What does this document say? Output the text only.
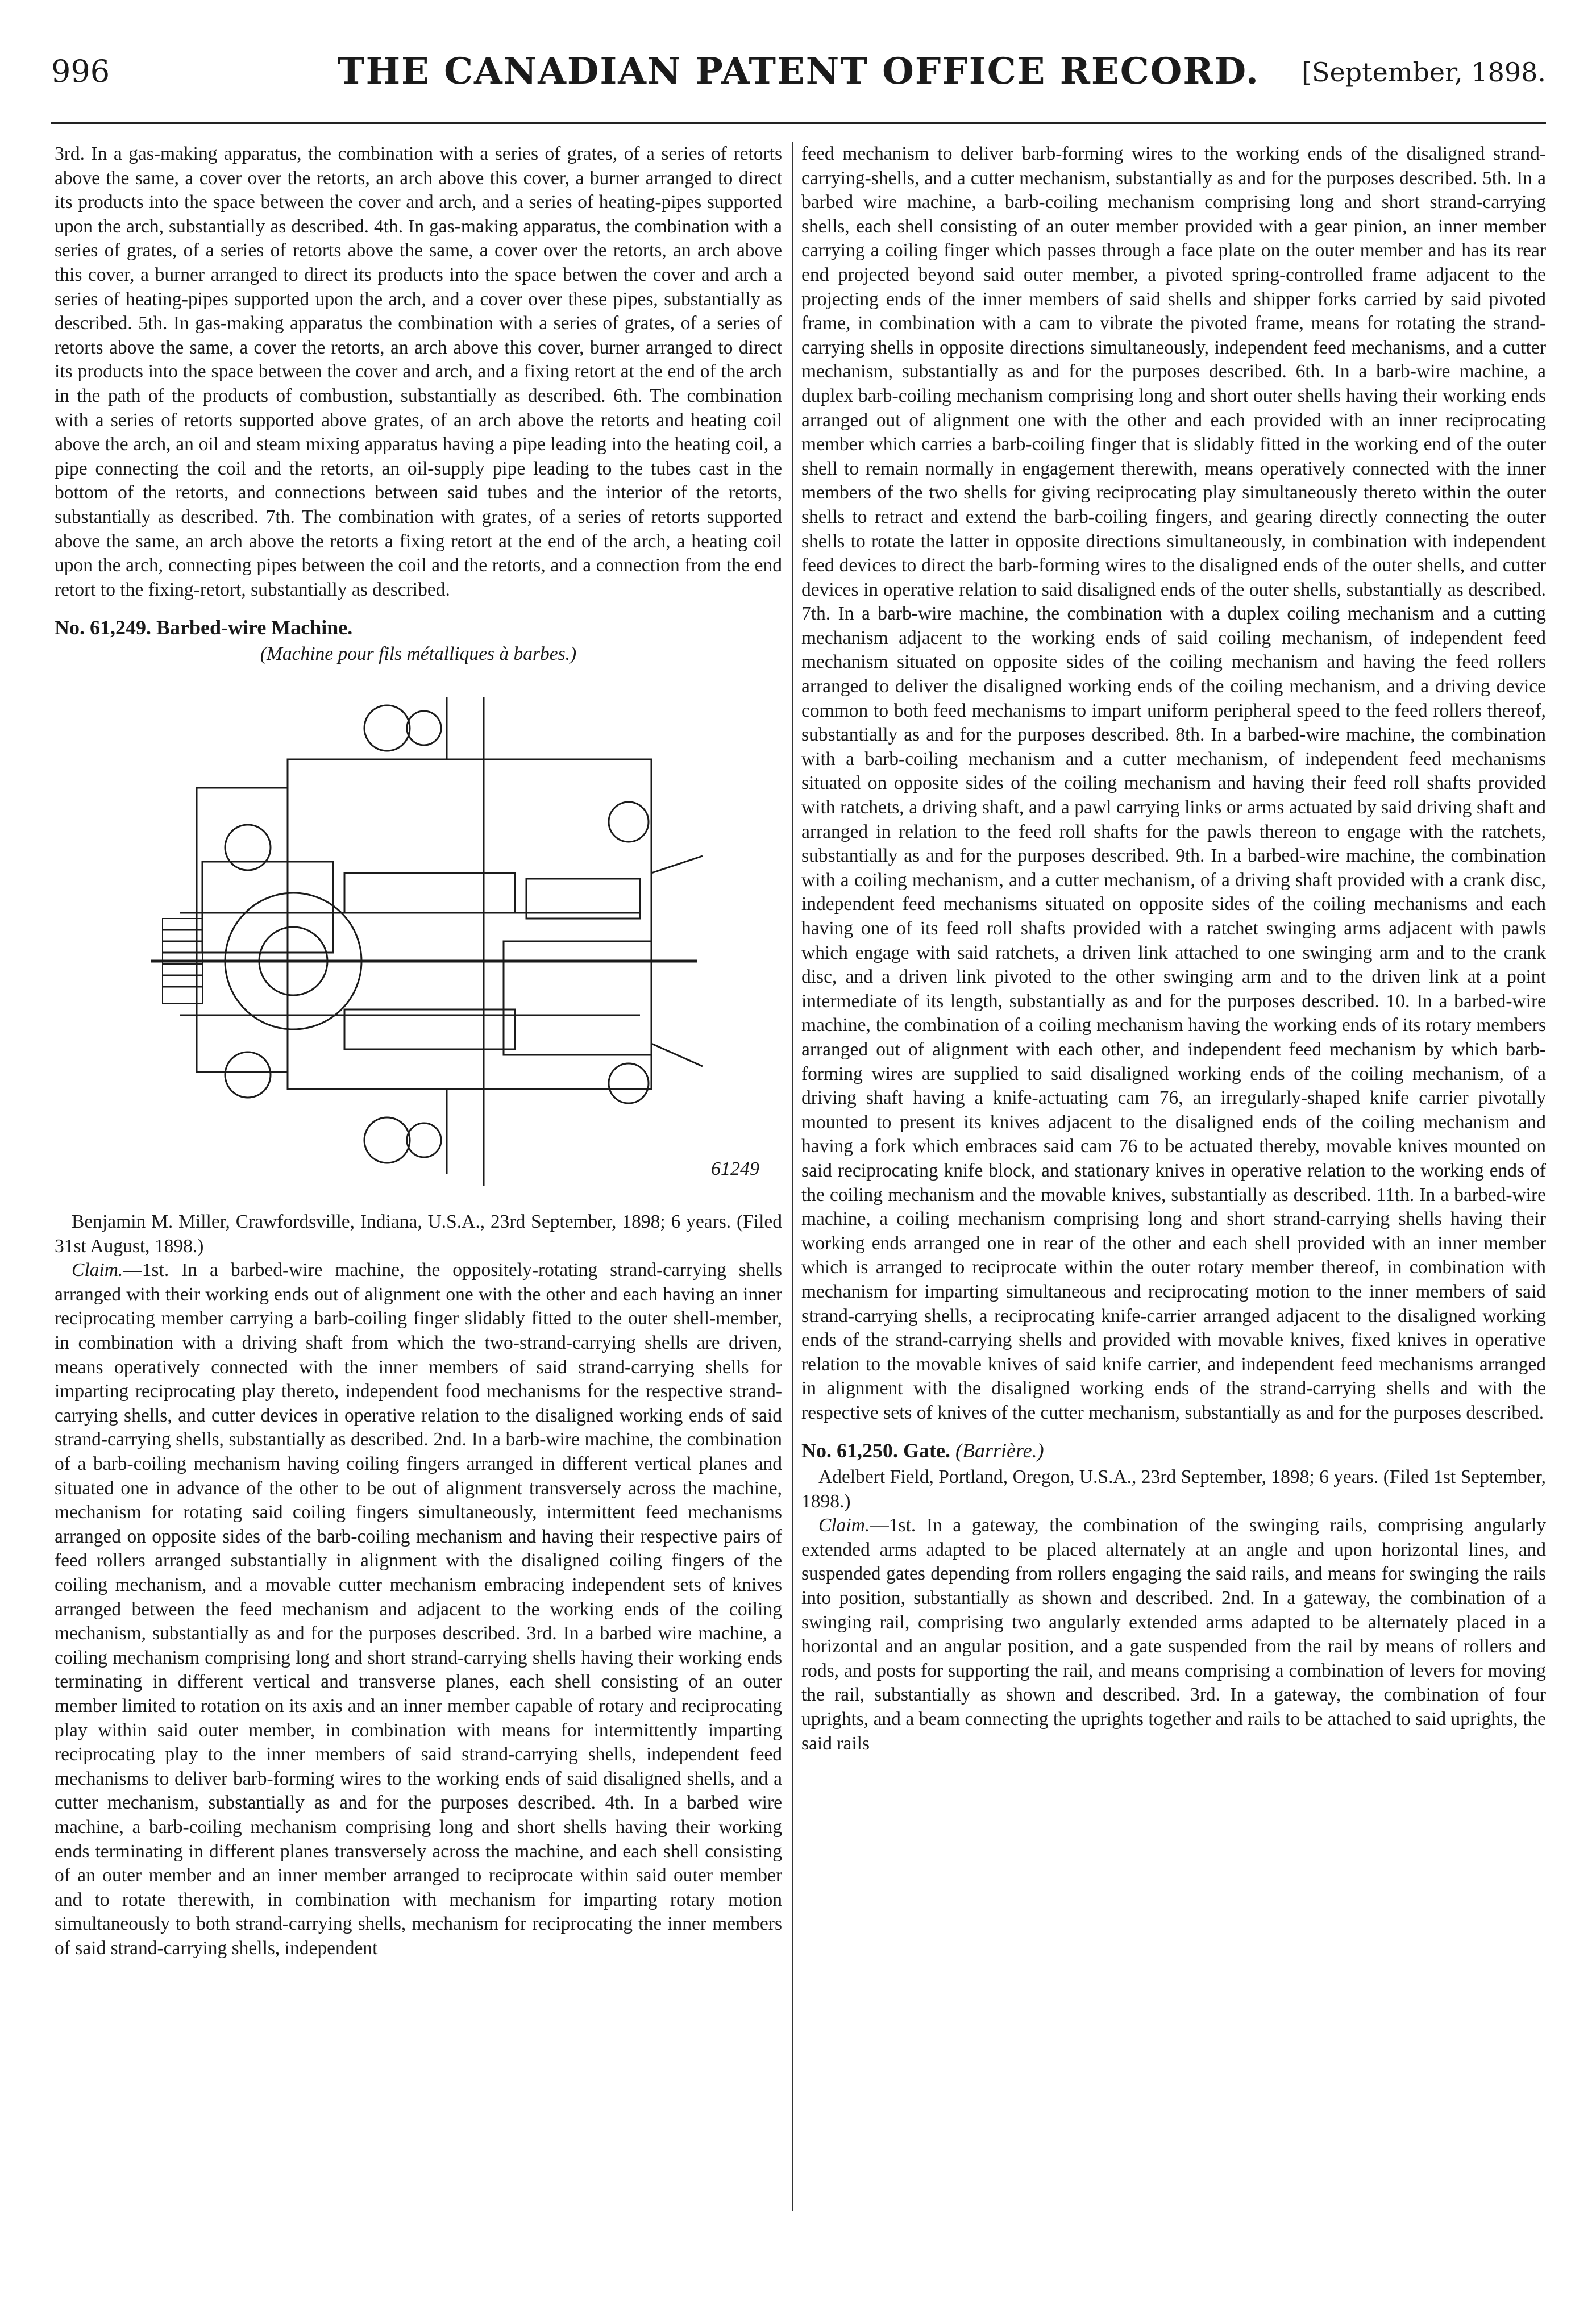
996	THE CANADIAN PATENT OFFICE RECORD.	[September, 1898.

3rd. In a gas-making apparatus, the combination with a series of grates, of a series of retorts above the same, a cover over the retorts, an arch above this cover, a burner arranged to direct its products into the space between the cover and arch, and a series of heating-pipes supported upon the arch, substantially as described. 4th. In gas-making apparatus, the combination with a series of grates, of a series of retorts above the same, a cover over the retorts, an arch above this cover, a burner arranged to direct its products into the space betwen the cover and arch a series of heating-pipes supported upon the arch, and a cover over these pipes, substantially as described. 5th. In gas-making apparatus the combination with a series of grates, of a series of retorts above the same, a cover the retorts, an arch above this cover, burner arranged to direct its products into the space between the cover and arch, and a fixing retort at the end of the arch in the path of the products of combustion, substantially as described. 6th. The combination with a series of retorts supported above grates, of an arch above the retorts and heating coil above the arch, an oil and steam mixing apparatus having a pipe leading into the heating coil, a pipe connecting the coil and the retorts, an oil-supply pipe leading to the tubes cast in the bottom of the retorts, and connections between said tubes and the interior of the retorts, substantially as described. 7th. The combination with grates, of a series of retorts supported above the same, an arch above the retorts a fixing retort at the end of the arch, a heating coil upon the arch, connecting pipes between the coil and the retorts, and a connection from the end retort to the fixing-retort, substantially as described.

No. 61,249. Barbed-wire Machine.
(Machine pour fils métalliques à barbes.)
61249

Benjamin M. Miller, Crawfordsville, Indiana, U.S.A., 23rd September, 1898; 6 years. (Filed 31st August, 1898.)

Claim.—1st. In a barbed-wire machine, the oppositely-rotating strand-carrying shells arranged with their working ends out of alignment one with the other and each having an inner reciprocating member carrying a barb-coiling finger slidably fitted to the outer shell-member, in combination with a driving shaft from which the two-strand-carrying shells are driven, means operatively connected with the inner members of said strand-carrying shells for imparting reciprocating play thereto, independent food mechanisms for the respective strand-carrying shells, and cutter devices in operative relation to the disaligned working ends of said strand-carrying shells, substantially as described. 2nd. In a barb-wire machine, the combination of a barb-coiling mechanism having coiling fingers arranged in different vertical planes and situated one in advance of the other to be out of alignment transversely across the machine, mechanism for rotating said coiling fingers simultaneously, intermittent feed mechanisms arranged on opposite sides of the barb-coiling mechanism and having their respective pairs of feed rollers arranged substantially in alignment with the disaligned coiling fingers of the coiling mechanism, and a movable cutter mechanism embracing independent sets of knives arranged between the feed mechanism and adjacent to the working ends of the coiling mechanism, substantially as and for the purposes described. 3rd. In a barbed wire machine, a coiling mechanism comprising long and short strand-carrying shells having their working ends terminating in different vertical and transverse planes, each shell consisting of an outer member limited to rotation on its axis and an inner member capable of rotary and reciprocating play within said outer member, in combination with means for intermittently imparting reciprocating play to the inner members of said strand-carrying shells, independent feed mechanisms to deliver barb-forming wires to the working ends of said disaligned shells, and a cutter mechanism, substantially as and for the purposes described. 4th. In a barbed wire machine, a barb-coiling mechanism comprising long and short shells having their working ends terminating in different planes transversely across the machine, and each shell consisting of an outer member and an inner member arranged to reciprocate within said outer member and to rotate therewith, in combination with mechanism for imparting rotary motion simultaneously to both strand-carrying shells, mechanism for reciprocating the inner members of said strand-carrying shells, independent

feed mechanism to deliver barb-forming wires to the working ends of the disaligned strand-carrying-shells, and a cutter mechanism, substantially as and for the purposes described. 5th. In a barbed wire machine, a barb-coiling mechanism comprising long and short strand-carrying shells, each shell consisting of an outer member provided with a gear pinion, an inner member carrying a coiling finger which passes through a face plate on the outer member and has its rear end projected beyond said outer member, a pivoted spring-controlled frame adjacent to the projecting ends of the inner members of said shells and shipper forks carried by said pivoted frame, in combination with a cam to vibrate the pivoted frame, means for rotating the strand-carrying shells in opposite directions simultaneously, independent feed mechanisms, and a cutter mechanism, substantially as and for the purposes described. 6th. In a barb-wire machine, a duplex barb-coiling mechanism comprising long and short outer shells having their working ends arranged out of alignment one with the other and each provided with an inner reciprocating member which carries a barb-coiling finger that is slidably fitted in the working end of the outer shell to remain normally in engagement therewith, means operatively connected with the inner members of the two shells for giving reciprocating play simultaneously thereto within the outer shells to retract and extend the barb-coiling fingers, and gearing directly connecting the outer shells to rotate the latter in opposite directions simultaneously, in combination with independent feed devices to direct the barb-forming wires to the disaligned ends of the outer shells, and cutter devices in operative relation to said disaligned ends of the outer shells, substantially as described. 7th. In a barb-wire machine, the combination with a duplex coiling mechanism and a cutting mechanism adjacent to the working ends of said coiling mechanism, of independent feed mechanism situated on opposite sides of the coiling mechanism and having the feed rollers arranged to deliver the disaligned working ends of the coiling mechanism, and a driving device common to both feed mechanisms to impart uniform peripheral speed to the feed rollers thereof, substantially as and for the purposes described. 8th. In a barbed-wire machine, the combination with a barb-coiling mechanism and a cutter mechanism, of independent feed mechanisms situated on opposite sides of the coiling mechanism and having their feed roll shafts provided with ratchets, a driving shaft, and a pawl carrying links or arms actuated by said driving shaft and arranged in relation to the feed roll shafts for the pawls thereon to engage with the ratchets, substantially as and for the purposes described. 9th. In a barbed-wire machine, the combination with a coiling mechanism, and a cutter mechanism, of a driving shaft provided with a crank disc, independent feed mechanisms situated on opposite sides of the coiling mechanisms and each having one of its feed roll shafts provided with a ratchet swinging arms adjacent with pawls which engage with said ratchets, a driven link attached to one swinging arm and to the crank disc, and a driven link pivoted to the other swinging arm and to the driven link at a point intermediate of its length, substantially as and for the purposes described. 10. In a barbed-wire machine, the combination of a coiling mechanism having the working ends of its rotary members arranged out of alignment with each other, and independent feed mechanism by which barb-forming wires are supplied to said disaligned working ends of the coiling mechanism, of a driving shaft having a knife-actuating cam 76, an irregularly-shaped knife carrier pivotally mounted to present its knives adjacent to the disaligned ends of the coiling mechanism and having a fork which embraces said cam 76 to be actuated thereby, movable knives mounted on said reciprocating knife block, and stationary knives in operative relation to the working ends of the coiling mechanism and the movable knives, substantially as described. 11th. In a barbed-wire machine, a coiling mechanism comprising long and short strand-carrying shells having their working ends arranged one in rear of the other and each shell provided with an inner member which is arranged to reciprocate within the outer rotary member thereof, in combination with mechanism for imparting simultaneous and reciprocating motion to the inner members of said strand-carrying shells, a reciprocating knife-carrier arranged adjacent to the disaligned working ends of the strand-carrying shells and provided with movable knives, fixed knives in operative relation to the movable knives of said knife carrier, and independent feed mechanisms arranged in alignment with the disaligned working ends of the strand-carrying shells and with the respective sets of knives of the cutter mechanism, substantially as and for the purposes described.

No. 61,250. Gate. (Barrière.)

Adelbert Field, Portland, Oregon, U.S.A., 23rd September, 1898; 6 years. (Filed 1st September, 1898.)

Claim.—1st. In a gateway, the combination of the swinging rails, comprising angularly extended arms adapted to be placed alternately at an angle and upon horizontal lines, and suspended gates depending from rollers engaging the said rails, and means for swinging the rails into position, substantially as shown and described. 2nd. In a gateway, the combination of a swinging rail, comprising two angularly extended arms adapted to be alternately placed in a horizontal and an angular position, and a gate suspended from the rail by means of rollers and rods, and posts for supporting the rail, and means comprising a combination of levers for moving the rail, substantially as shown and described. 3rd. In a gateway, the combination of four uprights, and a beam connecting the uprights together and rails to be attached to said uprights, the said rails
